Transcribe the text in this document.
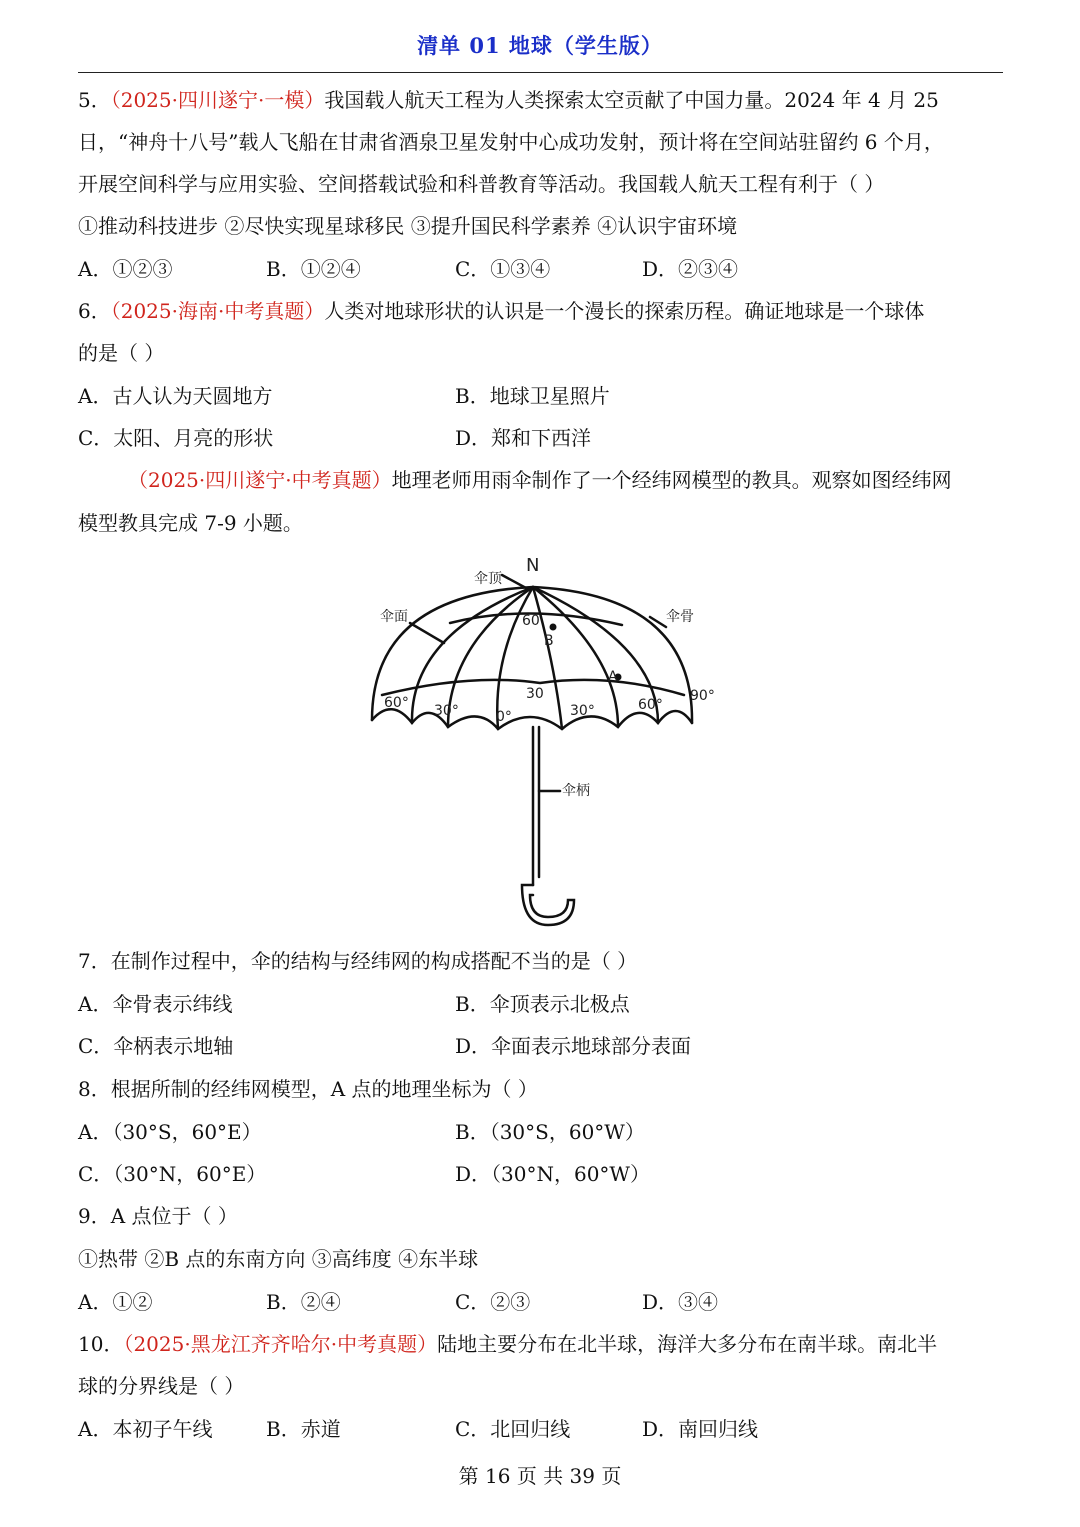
清单 01 地球（学生版）
5．（2025·四川遂宁·一模）我国载人航天工程为人类探索太空贡献了中国力量。2024 年 4 月 25
日，“神舟十八号”载人飞船在甘肃省酒泉卫星发射中心成功发射，预计将在空间站驻留约 6 个月，
开展空间科学与应用实验、空间搭载试验和科普教育等活动。我国载人航天工程有利于（ ）
①推动科技进步 ②尽快实现星球移民 ③提升国民科学素养 ④认识宇宙环境
A．①②③	B．①②④	C．①③④	D．②③④
6．（2025·海南·中考真题）人类对地球形状的认识是一个漫长的探索历程。确证地球是一个球体
的是（ ）
A．古人认为天圆地方	B．地球卫星照片
C．太阳、月亮的形状	D．郑和下西洋
（2025·四川遂宁·中考真题）地理老师用雨伞制作了一个经纬网模型的教具。观察如图经纬网
模型教具完成 7-9 小题。
N
伞顶
伞面	伞骨
伞柄
B
A
60
30
60° 30°	0°	30°	60°
90°
7．在制作过程中，伞的结构与经纬网的构成搭配不当的是（ ）
A．伞骨表示纬线	B．伞顶表示北极点
C．伞柄表示地轴	D．伞面表示地球部分表面
8．根据所制的经纬网模型，A 点的地理坐标为（ ）
A．（30°S，60°E）	B．（30°S，60°W）
C．（30°N，60°E）	D．（30°N，60°W）
9．A 点位于（ ）
①热带 ②B 点的东南方向 ③高纬度 ④东半球
A．①②	B．②④	C．②③	D．③④
10．（2025·黑龙江齐齐哈尔·中考真题）陆地主要分布在北半球，海洋大多分布在南半球。南北半
球的分界线是（ ）
A．本初子午线	B．赤道	C．北回归线	D．南回归线
第 16 页 共 39 页
